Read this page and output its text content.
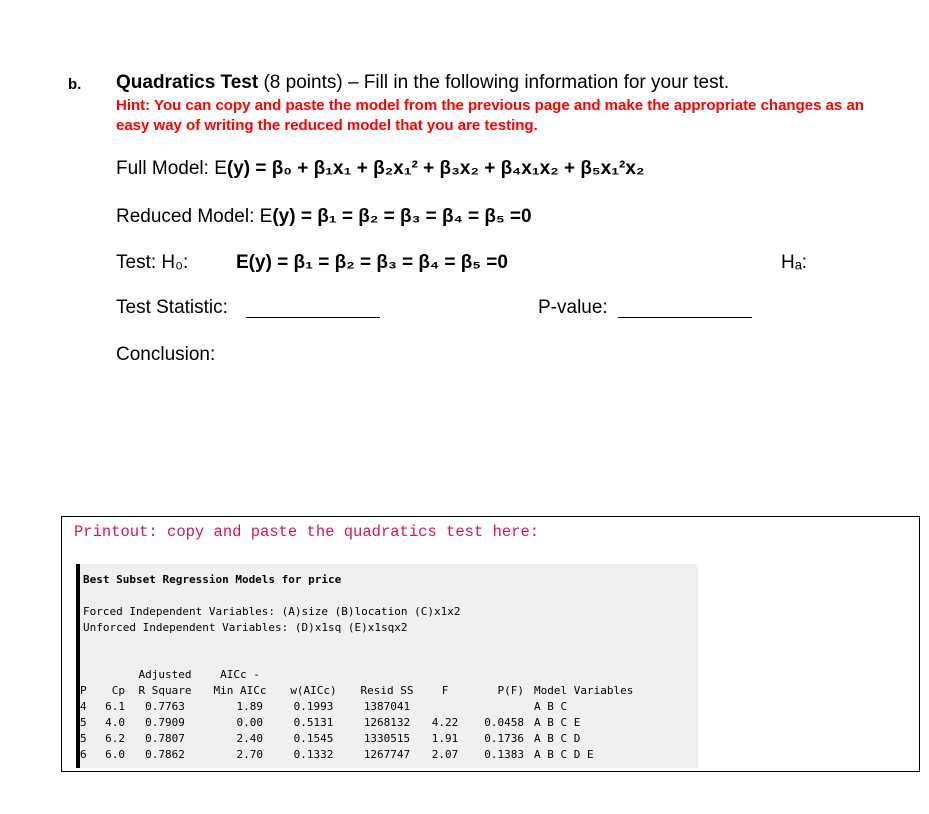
b. Quadratics Test (8 points) – Fill in the following information for your test.
Hint: You can copy and paste the model from the previous page and make the appropriate changes as an easy way of writing the reduced model that you are testing.
Full Model: E(y) = β₀ + β₁x₁ + β₂x₁² + β₃x₂ + β₄x₁x₂ + β₅x₁²x₂
Reduced Model: E(y) = β₁ = β₂ = β₃ = β₄ = β₅ =0
Test: H₀:	E(y) = β₁ = β₂ = β₃ = β₄ = β₅ =0	Hₐ:
Test Statistic:	P-value:
Conclusion:
Printout: copy and paste the quadratics test here:
Best Subset Regression Models for price
Forced Independent Variables: (A)size (B)location (C)x1x2
Unforced Independent Variables: (D)x1sq (E)x1sqx2
		Adjusted	AICc -					
P	Cp	R Square	Min AICc	w(AICc)	Resid SS	F	P(F)	Model Variables
4	6.1	0.7763	1.89	0.1993	1387041			A B C
5	4.0	0.7909	0.00	0.5131	1268132	4.22	0.0458	A B C E
5	6.2	0.7807	2.40	0.1545	1330515	1.91	0.1736	A B C D
6	6.0	0.7862	2.70	0.1332	1267747	2.07	0.1383	A B C D E
